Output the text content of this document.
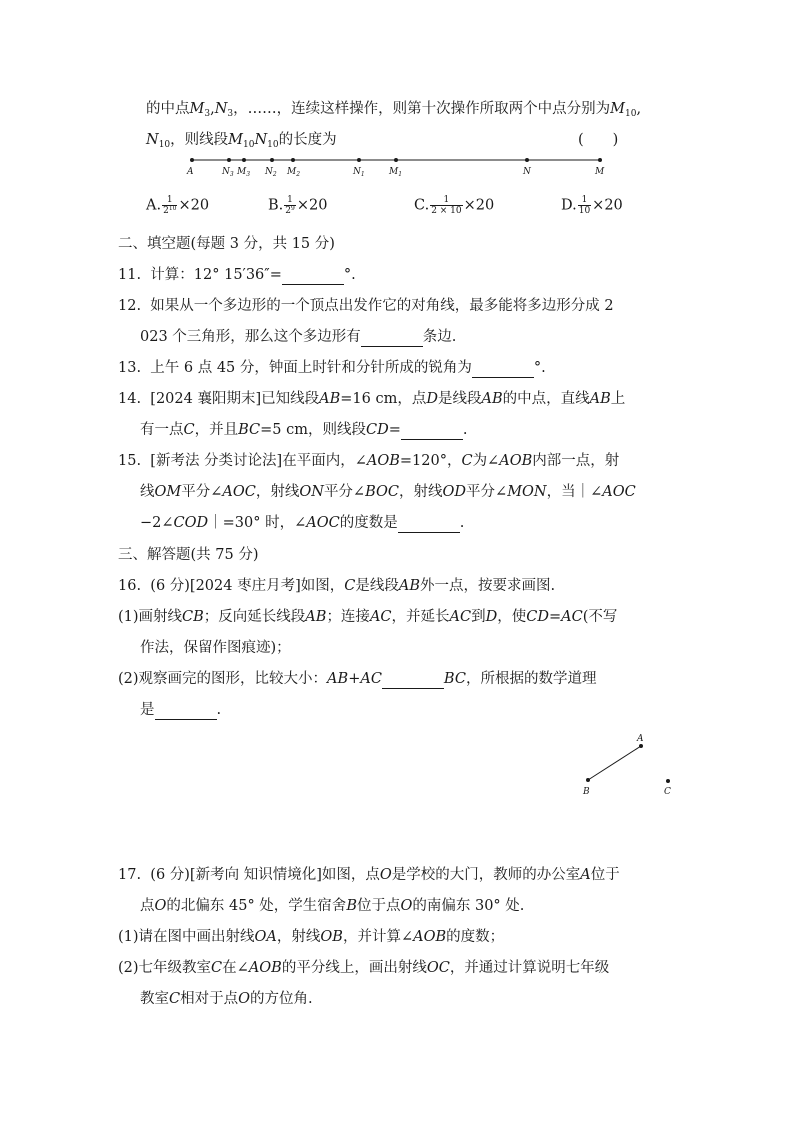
的中点$M_3,N_3$，……，连续这样操作，则第十次操作所取两个中点分别为$M_{10}$,
$N_{10}$，则线段$M_{10}N_{10}$的长度为	(　　)
A	$N_3$ $M_3$ $N_2$ $M_2$	$N_1$	$M_1$	N	M
A. $\frac{1}{2^{10}} \times 20$	B. $\frac{1}{2^9} \times 20$	C. $\frac{1}{2 \times 10} \times 20$	D. $\frac{1}{10} \times 20$
二、填空题(每题 3 分，共 15 分)
11. 计算：12° 15′36″=	°.
12. 如果从一个多边形的一个顶点出发作它的对角线，最多能将多边形分成 2
023 个三角形，那么这个多边形有	条边.
13. 上午 6 点 45 分，钟面上时针和分针所成的锐角为	°.
14. [2024 襄阳期末]已知线段AB=16 cm，点D是线段AB的中点，直线AB上
有一点C，并且BC=5 cm，则线段CD=	.
15. [新考法 分类讨论法]在平面内，∠AOB=120°，C为∠AOB内部一点，射
线OM平分∠AOC，射线ON平分∠BOC，射线OD平分∠MON，当｜∠AOC
−2∠COD｜=30° 时，∠AOC的度数是	.
三、解答题(共 75 分)
16. (6 分)[2024 枣庄月考]如图，C是线段AB外一点，按要求画图.
(1)画射线CB；反向延长线段AB；连接AC，并延长AC到D，使CD=AC(不写
作法，保留作图痕迹)；
(2)观察画完的图形，比较大小：AB+AC	BC，所根据的数学道理
是	.
A
B	C
17. (6 分)[新考向 知识情境化]如图，点O是学校的大门，教师的办公室A位于
点O的北偏东 45° 处，学生宿舍B位于点O的南偏东 30° 处.
(1)请在图中画出射线OA，射线OB，并计算∠AOB的度数；
(2)七年级教室C在∠AOB的平分线上，画出射线OC，并通过计算说明七年级
教室C相对于点O的方位角.
